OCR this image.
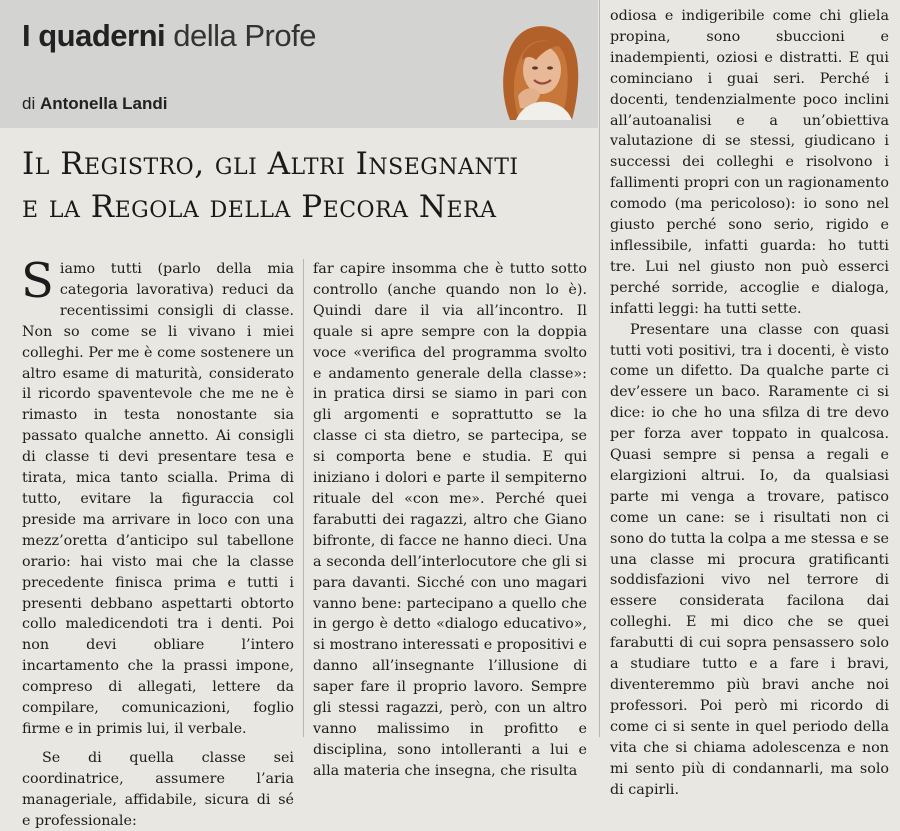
I quaderni della Profe
di Antonella Landi
Il Registro, gli Altri Insegnanti
e la Regola della Pecora Nera

Siamo tutti (parlo della mia categoria lavorativa) reduci da recentissimi consigli di classe. Non so come se li vivano i miei colleghi. Per me è come sostenere un altro esame di maturità, considerato il ricordo spaventevole che me ne è rimasto in testa nonostante sia passato qualche annetto. Ai consigli di classe ti devi presentare tesa e tirata, mica tanto scialla. Prima di tutto, evitare la figuraccia col preside ma arrivare in loco con una mezz’oretta d’anticipo sul tabellone orario: hai visto mai che la classe precedente finisca prima e tutti i presenti debbano aspettarti obtorto collo maledicendoti tra i denti. Poi non devi obliare l’intero incartamento che la prassi impone, compreso di allegati, lettere da compilare, comunicazioni, foglio firme e in primis lui, il verbale.

Se di quella classe sei coordinatrice, assumere l’aria manageriale, affidabile, sicura di sé e professionale:

far capire insomma che è tutto sotto controllo (anche quando non lo è). Quindi dare il via all’incontro. Il quale si apre sempre con la doppia voce «verifica del programma svolto e andamento generale della classe»: in pratica dirsi se siamo in pari con gli argomenti e soprattutto se la classe ci sta dietro, se partecipa, se si comporta bene e studia. E qui iniziano i dolori e parte il sempiterno rituale del «con me». Perché quei farabutti dei ragazzi, altro che Giano bifronte, di facce ne hanno dieci. Una a seconda dell’interlocutore che gli si para davanti. Sicché con uno magari vanno bene: partecipano a quello che in gergo è detto «dialogo educativo», si mostrano interessati e propositivi e danno all’insegnante l’illusione di saper fare il proprio lavoro. Sempre gli stessi ragazzi, però, con un altro vanno malissimo in profitto e disciplina, sono intolleranti a lui e alla materia che insegna, che risulta

odiosa e indigeribile come chi gliela propina, sono sbuccioni e inadempienti, oziosi e distratti. E qui cominciano i guai seri. Perché i docenti, tendenzialmente poco inclini all’autoanalisi e a un’obiettiva valutazione di se stessi, giudicano i successi dei colleghi e risolvono i fallimenti propri con un ragionamento comodo (ma pericoloso): io sono nel giusto perché sono serio, rigido e inflessibile, infatti guarda: ho tutti tre. Lui nel giusto non può esserci perché sorride, accoglie e dialoga, infatti leggi: ha tutti sette.

Presentare una classe con quasi tutti voti positivi, tra i docenti, è visto come un difetto. Da qualche parte ci dev’essere un baco. Raramente ci si dice: io che ho una sfilza di tre devo per forza aver toppato in qualcosa. Quasi sempre si pensa a regali e elargizioni altrui. Io, da qualsiasi parte mi venga a trovare, patisco come un cane: se i risultati non ci sono do tutta la colpa a me stessa e se una classe mi procura gratificanti soddisfazioni vivo nel terrore di essere considerata facilona dai colleghi. E mi dico che se quei farabutti di cui sopra pensassero solo a studiare tutto e a fare i bravi, diventeremmo più bravi anche noi professori. Poi però mi ricordo di come ci si sente in quel periodo della vita che si chiama adolescenza e non mi sento più di condannarli, ma solo di capirli.
